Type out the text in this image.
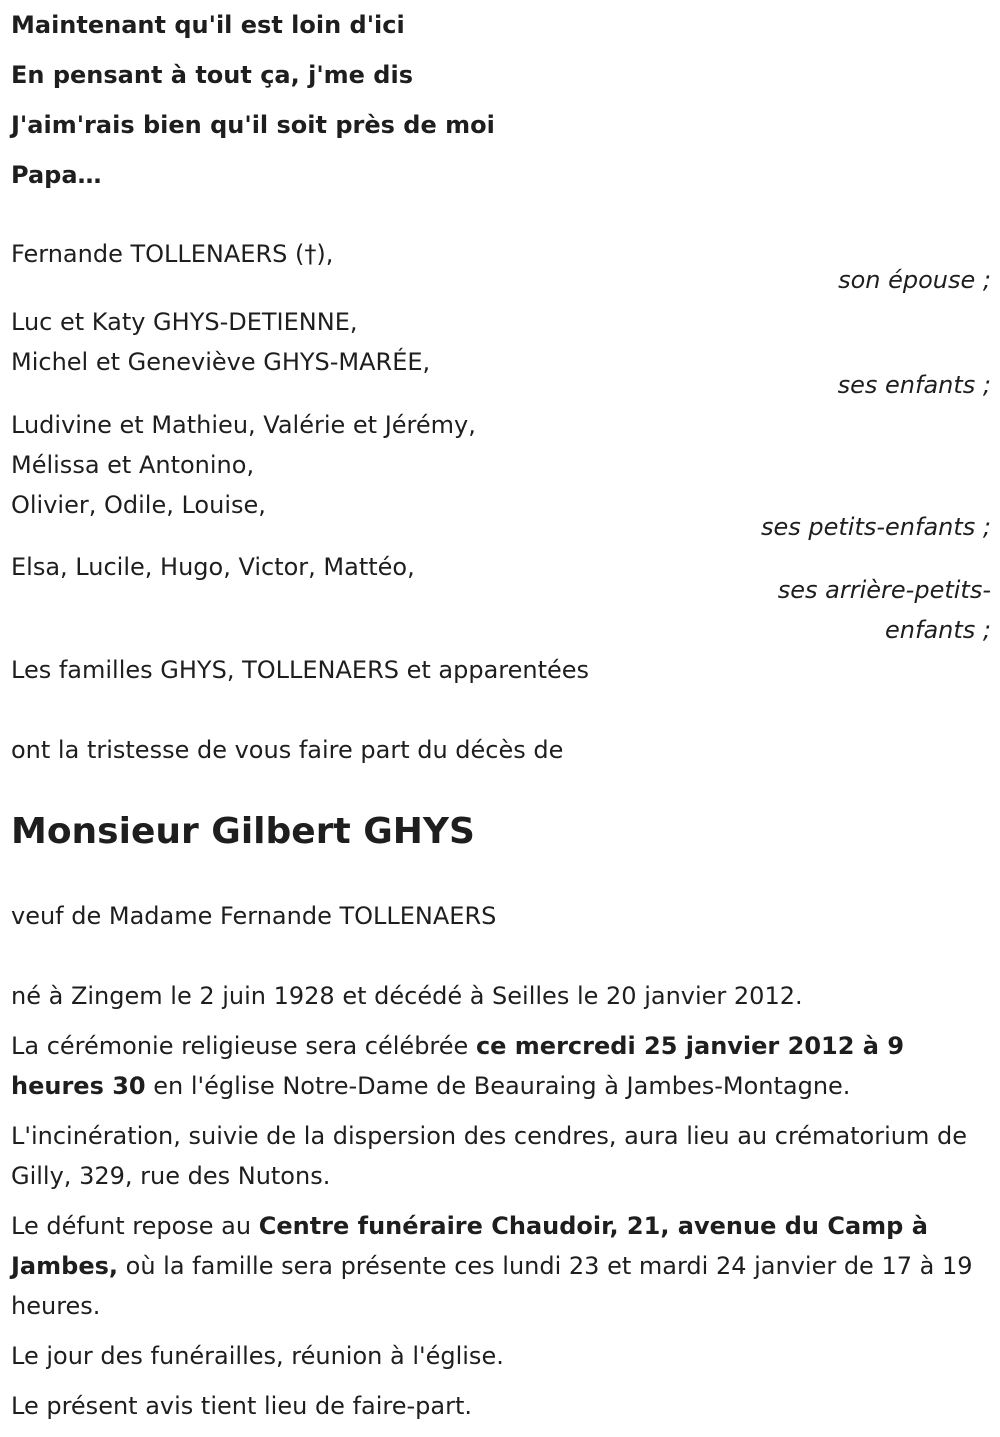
Maintenant qu'il est loin d'ici
En pensant à tout ça, j'me dis
J'aim'rais bien qu'il soit près de moi
Papa…
Fernande TOLLENAERS (†),
son épouse ;
Luc et Katy GHYS-DETIENNE,
Michel et Geneviève GHYS-MARÉE,
ses enfants ;
Ludivine et Mathieu, Valérie et Jérémy,
Mélissa et Antonino,
Olivier, Odile, Louise,
ses petits-enfants ;
Elsa, Lucile, Hugo, Victor, Mattéo,
ses arrière-petits-
enfants ;
Les familles GHYS, TOLLENAERS et apparentées
ont la tristesse de vous faire part du décès de
Monsieur Gilbert GHYS
veuf de Madame Fernande TOLLENAERS
né à Zingem le 2 juin 1928 et décédé à Seilles le 20 janvier 2012.
La cérémonie religieuse sera célébrée ce mercredi 25 janvier 2012 à 9 heures 30 en l'église Notre-Dame de Beauraing à Jambes-Montagne.
L'incinération, suivie de la dispersion des cendres, aura lieu au crématorium de Gilly, 329, rue des Nutons.
Le défunt repose au Centre funéraire Chaudoir, 21, avenue du Camp à Jambes, où la famille sera présente ces lundi 23 et mardi 24 janvier de 17 à 19 heures.
Le jour des funérailles, réunion à l'église.
Le présent avis tient lieu de faire-part.
